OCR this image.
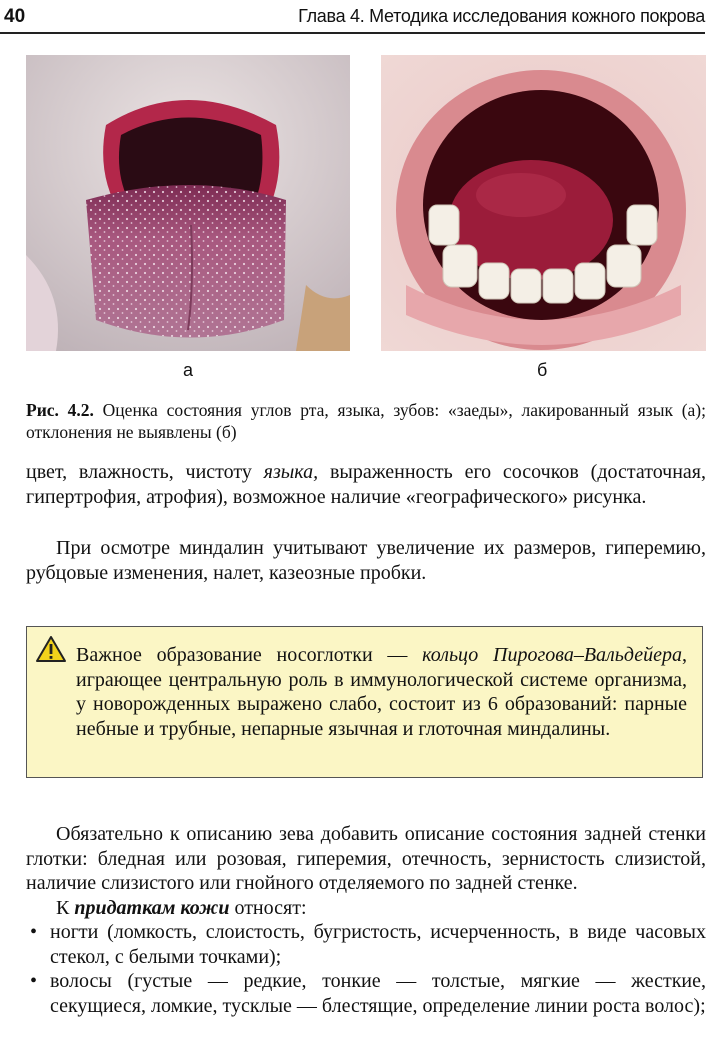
40	Глава 4. Методика исследования кожного покрова
а	б
Рис. 4.2. Оценка состояния углов рта, языка, зубов: «заеды», лакированный язык (а); отклонения не выявлены (б)
цвет, влажность, чистоту языка, выраженность его сосочков (достаточная, гипертрофия, атрофия), возможное наличие «географического» рисунка.
При осмотре миндалин учитывают увеличение их размеров, гиперемию, рубцовые изменения, налет, казеозные пробки.
Важное образование носоглотки — кольцо Пирогова–Вальдейера, играющее центральную роль в иммунологической системе организма, у новорожденных выражено слабо, состоит из 6 образований: парные небные и трубные, непарные язычная и глоточная миндалины.
Обязательно к описанию зева добавить описание состояния задней стенки глотки: бледная или розовая, гиперемия, отечность, зернистость слизистой, наличие слизистого или гнойного отделяемого по задней стенке.
К придаткам кожи относят:
• ногти (ломкость, слоистость, бугристость, исчерченность, в виде часовых стекол, с белыми точками);
• волосы (густые — редкие, тонкие — толстые, мягкие — жесткие, секущиеся, ломкие, тусклые — блестящие, определение линии роста волос);
